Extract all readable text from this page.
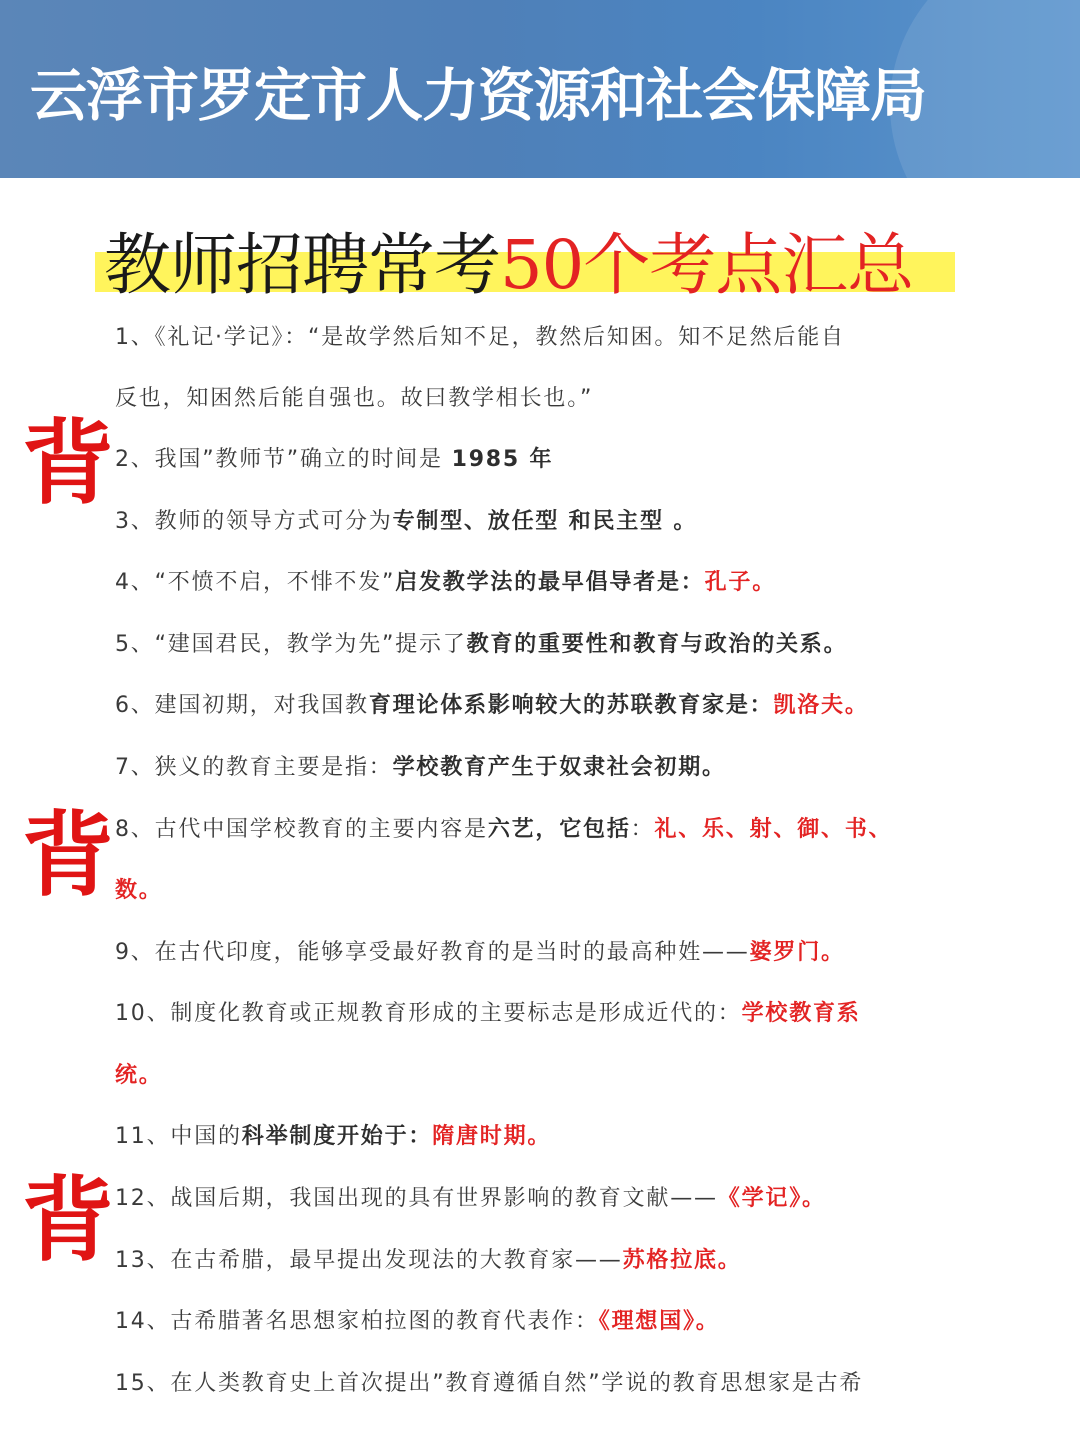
云浮市罗定市人力资源和社会保障局
教师招聘常考50个考点汇总
背
背
背
1、《礼记·学记》：“是故学然后知不足，教然后知困。知不足然后能自
反也，知困然后能自强也。故曰教学相长也。”
2、我国”教师节”确立的时间是 1985 年
3、教师的领导方式可分为专制型、放任型 和民主型 。
4、“不愤不启，不悱不发”启发教学法的最早倡导者是：孔子。
5、“建国君民，教学为先”提示了教育的重要性和教育与政治的关系。
6、建国初期，对我国教育理论体系影响较大的苏联教育家是：凯洛夫。
7、狭义的教育主要是指：学校教育产生于奴隶社会初期。
8、古代中国学校教育的主要内容是六艺，它包括：礼、乐、射、御、书、
数。
9、在古代印度，能够享受最好教育的是当时的最高种姓——婆罗门。
10、制度化教育或正规教育形成的主要标志是形成近代的：学校教育系
统。
11、中国的科举制度开始于：隋唐时期。
12、战国后期，我国出现的具有世界影响的教育文献——《学记》。
13、在古希腊，最早提出发现法的大教育家——苏格拉底。
14、古希腊著名思想家柏拉图的教育代表作：《理想国》。
15、在人类教育史上首次提出”教育遵循自然”学说的教育思想家是古希
